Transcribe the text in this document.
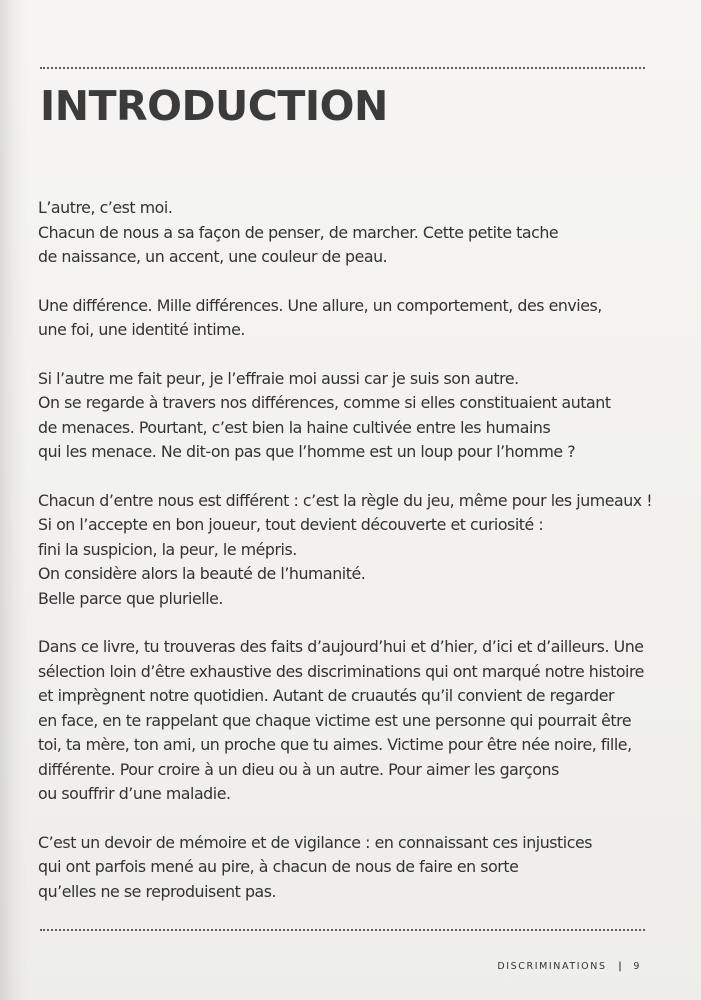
INTRODUCTION

L’autre, c’est moi.
Chacun de nous a sa façon de penser, de marcher. Cette petite tache
de naissance, un accent, une couleur de peau.

Une différence. Mille différences. Une allure, un comportement, des envies,
une foi, une identité intime.

Si l’autre me fait peur, je l’effraie moi aussi car je suis son autre.
On se regarde à travers nos différences, comme si elles constituaient autant
de menaces. Pourtant, c’est bien la haine cultivée entre les humains
qui les menace. Ne dit-on pas que l’homme est un loup pour l’homme ?

Chacun d’entre nous est différent : c’est la règle du jeu, même pour les jumeaux !
Si on l’accepte en bon joueur, tout devient découverte et curiosité :
fini la suspicion, la peur, le mépris.
On considère alors la beauté de l’humanité.
Belle parce que plurielle.

Dans ce livre, tu trouveras des faits d’aujourd’hui et d’hier, d’ici et d’ailleurs. Une
sélection loin d’être exhaustive des discriminations qui ont marqué notre histoire
et imprègnent notre quotidien. Autant de cruautés qu’il convient de regarder
en face, en te rappelant que chaque victime est une personne qui pourrait être
toi, ta mère, ton ami, un proche que tu aimes. Victime pour être née noire, fille,
différente. Pour croire à un dieu ou à un autre. Pour aimer les garçons
ou souffrir d’une maladie.

C’est un devoir de mémoire et de vigilance : en connaissant ces injustices
qui ont parfois mené au pire, à chacun de nous de faire en sorte
qu’elles ne se reproduisent pas.

DISCRIMINATIONS | 9
